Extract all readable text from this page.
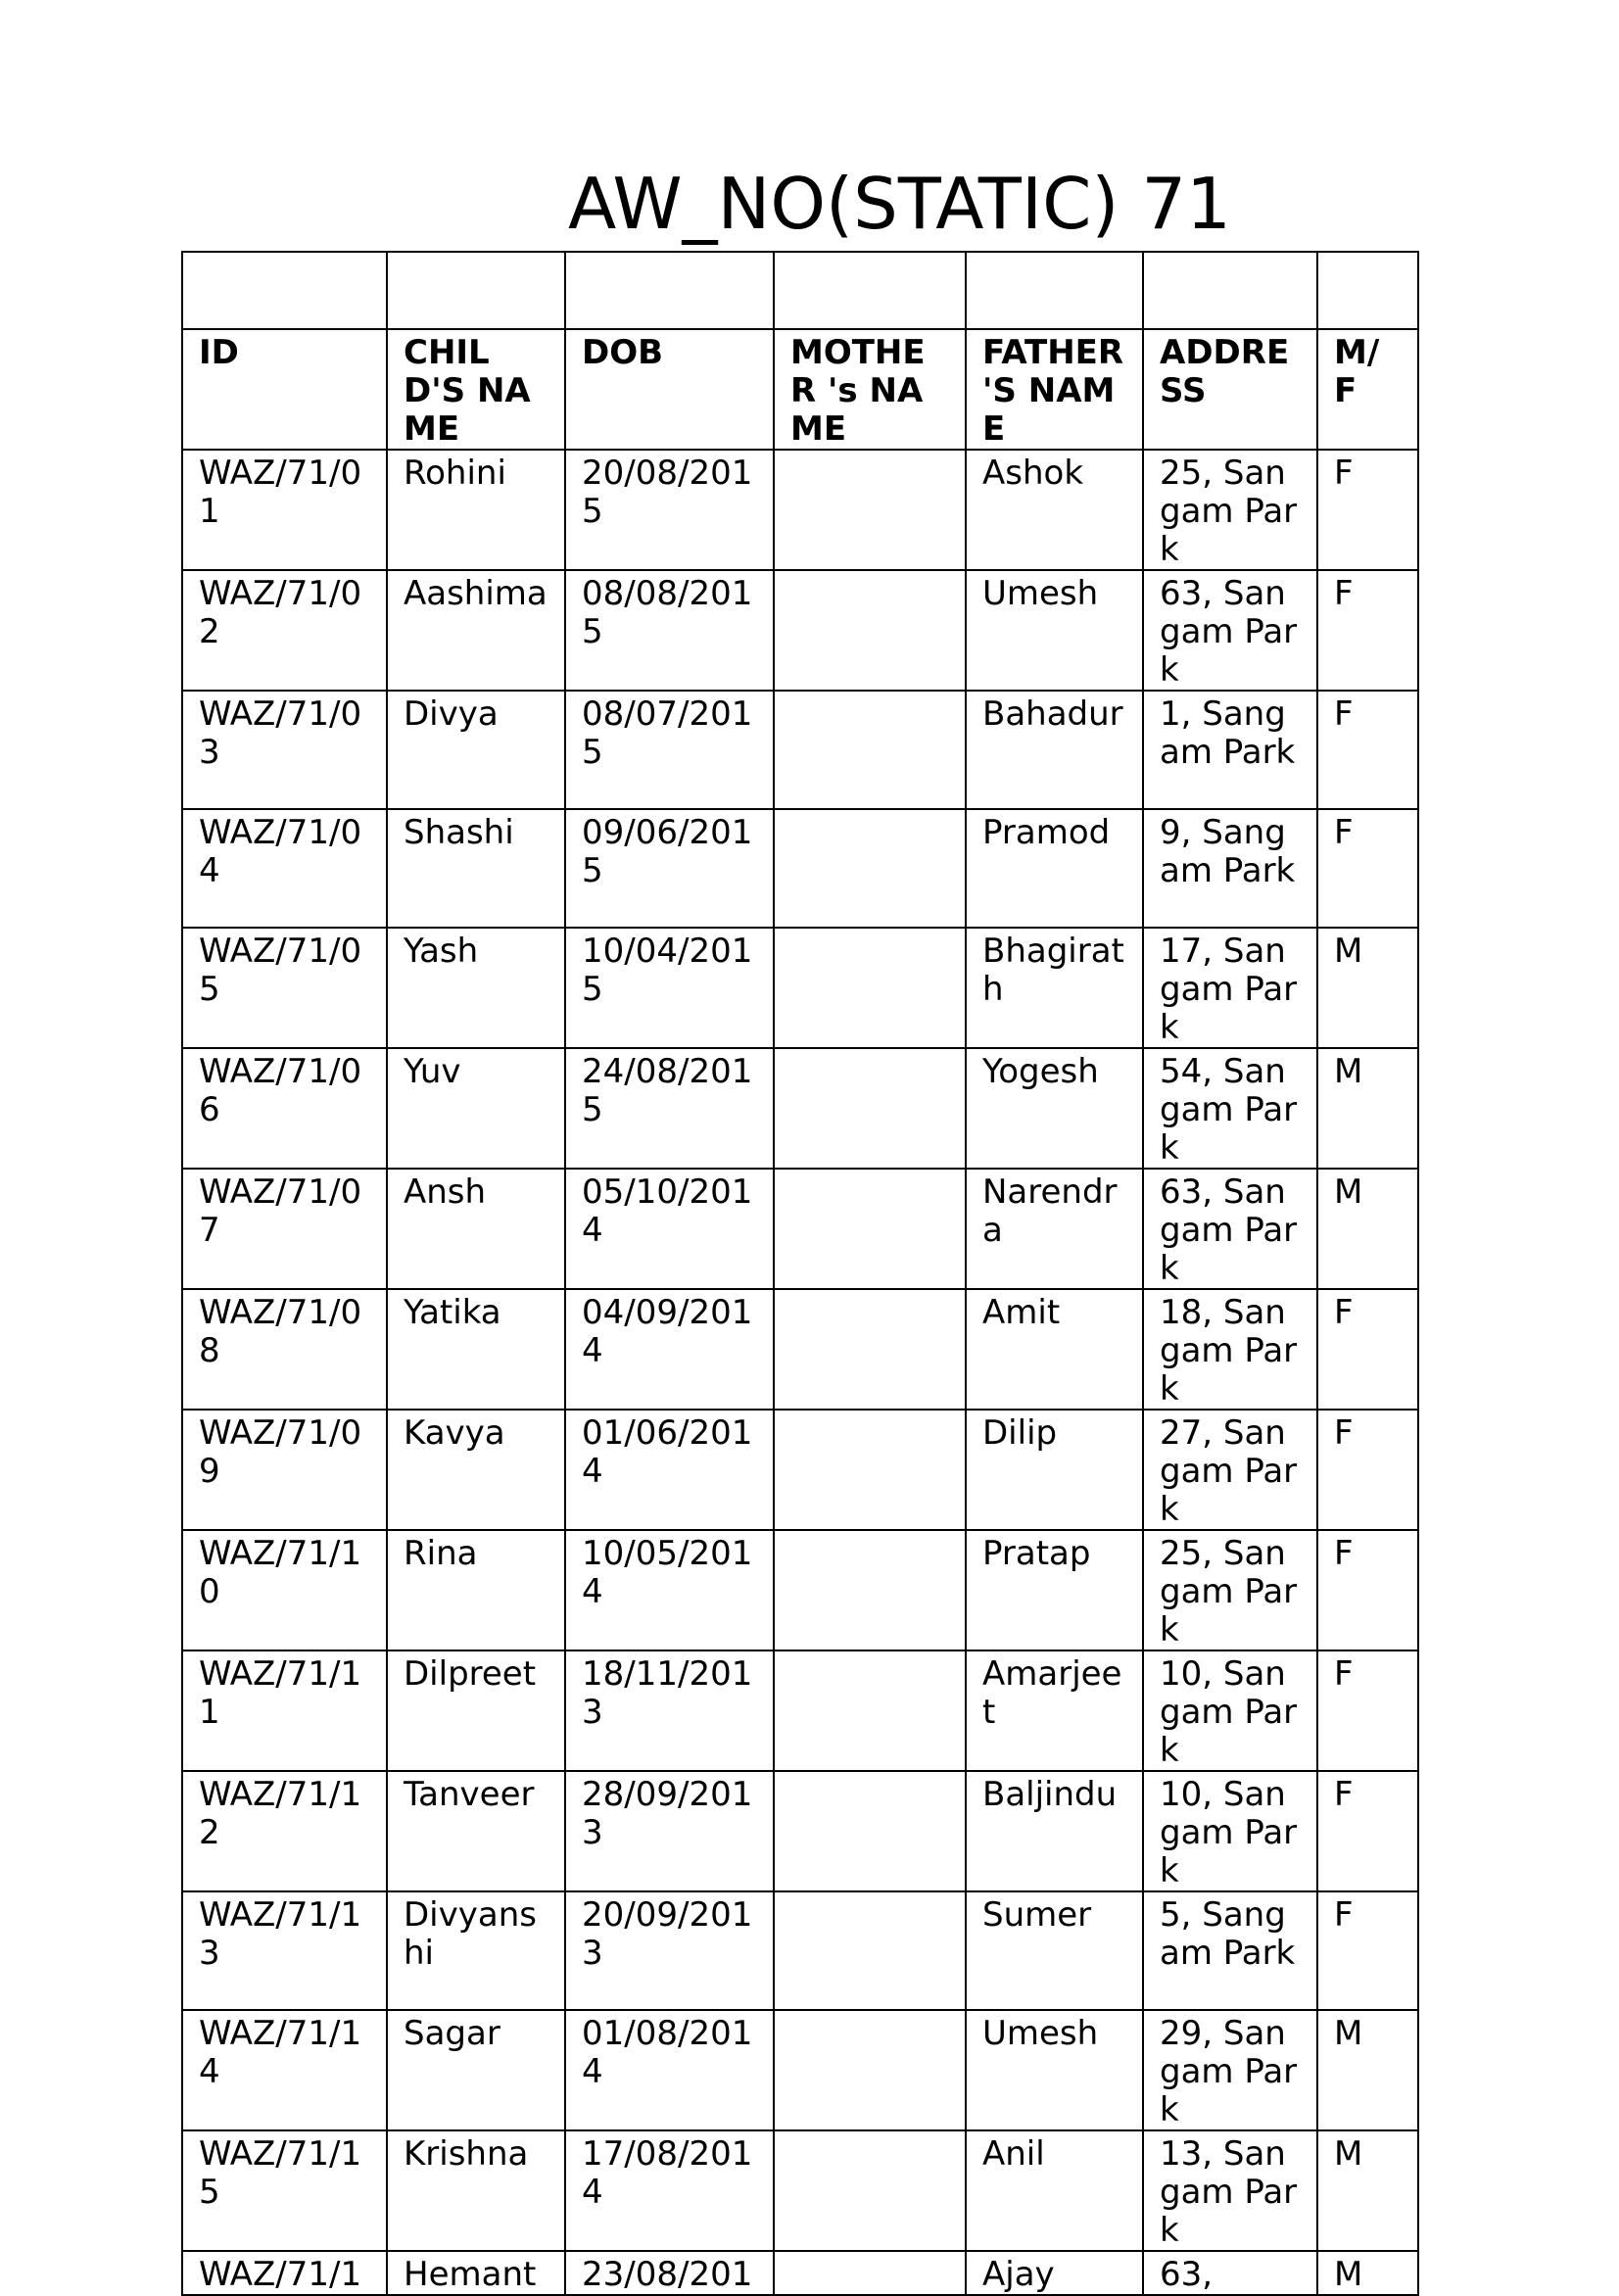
AW_NO(STATIC) 71

ID	CHILD'S NAME	DOB	MOTHER 's NAME	FATHER 'S NAME	ADDRE SS	M/F
WAZ/71/01	Rohini	20/08/2015		Ashok	25, Sangam Park	F
WAZ/71/02	Aashima	08/08/2015		Umesh	63, Sangam Park	F
WAZ/71/03	Divya	08/07/2015		Bahadur	1, Sangam Park	F
WAZ/71/04	Shashi	09/06/2015		Pramod	9, Sangam Park	F
WAZ/71/05	Yash	10/04/2015		Bhagirath	17, Sangam Park	M
WAZ/71/06	Yuv	24/08/2015		Yogesh	54, Sangam Park	M
WAZ/71/07	Ansh	05/10/2014		Narendra	63, Sangam Park	M
WAZ/71/08	Yatika	04/09/2014		Amit	18, Sangam Park	F
WAZ/71/09	Kavya	01/06/2014		Dilip	27, Sangam Park	F
WAZ/71/10	Rina	10/05/2014		Pratap	25, Sangam Park	F
WAZ/71/11	Dilpreet	18/11/2013		Amarjeet	10, Sangam Park	F
WAZ/71/12	Tanveer	28/09/2013		Baljindu	10, Sangam Park	F
WAZ/71/13	Divyanshi	20/09/2013		Sumer	5, Sangam Park	F
WAZ/71/14	Sagar	01/08/2014		Umesh	29, Sangam Park	M
WAZ/71/15	Krishna	17/08/2014		Anil	13, Sangam Park	M
WAZ/71/1	Hemant	23/08/201		Ajay	63,	M
